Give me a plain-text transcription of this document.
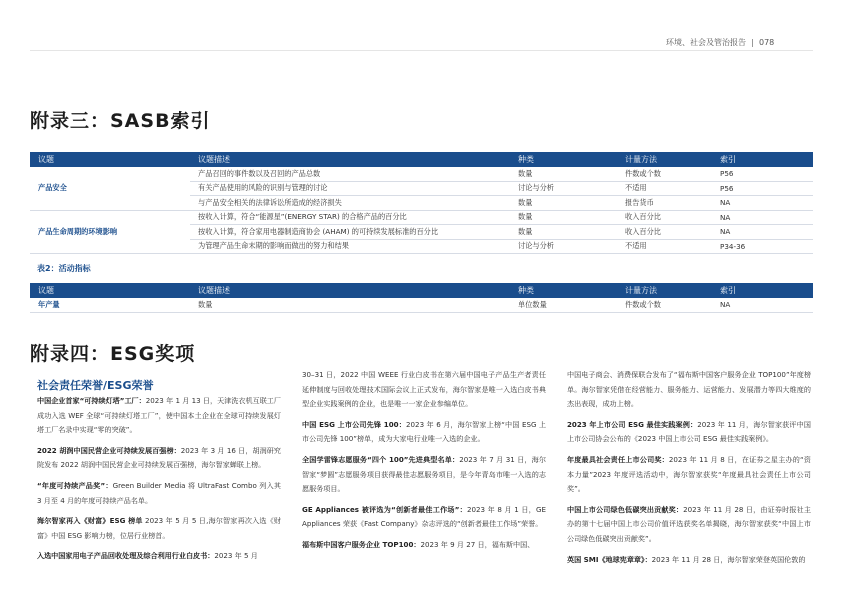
环境、社会及管治报告 078
附录三：SASB索引
议题	议题描述	种类	计量方法	索引
产品安全	产品召回的事件数以及召回的产品总数	数量	件数或个数	P56
	有关产品使用的风险的识别与管理的讨论	讨论与分析	不适用	P56
	与产品安全相关的法律诉讼所造成的经济损失	数量	报告货币	NA
产品生命周期的环境影响	按收入计算，符合“能源星”(ENERGY STAR) 的合格产品的百分比	数量	收入百分比	NA
	按收入计算，符合家用电器制造商协会 (AHAM) 的可持续发展标准的百分比	数量	收入百分比	NA
	为管理产品生命末期的影响而做出的努力和结果	讨论与分析	不适用	P34-36
表2：活动指标
议题	议题描述	种类	计量方法	索引
年产量	数量	单位数量	件数或个数	NA
附录四：ESG奖项
社会责任荣誉/ESG荣誉

中国企业首家“可持续灯塔”工厂：2023 年 1 月 13 日，天津洗衣机互联工厂成功入选 WEF 全球“可持续灯塔工厂”，使中国本土企业在全球可持续发展灯塔工厂名录中实现“零的突破”。

2022 胡润中国民营企业可持续发展百强榜：2023 年 3 月 16 日，胡润研究院发布 2022 胡润中国民营企业可持续发展百强榜，海尔智家蝉联上榜。

“年度可持续产品奖”：Green Builder Media 将 UltraFast Combo 列入其 3 月至 4 月的年度可持续产品名单。

海尔智家再入《财富》ESG 榜单 2023 年 5 月 5 日,海尔智家再次入选《财富》中国 ESG 影响力榜，位居行业榜首。

入选中国家用电子产品回收处理及综合利用行业白皮书：2023 年 5 月

30–31 日，2022 中国 WEEE 行业白皮书在第六届中国电子产品生产者责任延伸制度与回收处理技术国际会议上正式发布，海尔智家是唯一入选白皮书典型企业实践案例的企业，也是唯一一家企业参编单位。

中国 ESG 上市公司先锋 100：2023 年 6 月，海尔智家上榜“中国 ESG 上市公司先锋 100”榜单，成为大家电行业唯一入选的企业。

全国学雷锋志愿服务“四个 100”先进典型名单：2023 年 7 月 31 日，海尔智家“梦圆”志愿服务项目获得最佳志愿服务项目，是今年青岛市唯一入选的志愿服务项目。

GE Appliances 被评选为“创新者最佳工作场”：2023 年 8 月 1 日，GE Appliances 荣获《Fast Company》杂志评选的“创新者最佳工作场”荣誉。

福布斯中国客户服务企业 TOP100：2023 年 9 月 27 日，福布斯中国、

中国电子商会、消费保联合发布了“福布斯中国客户服务企业 TOP100”年度榜单。海尔智家凭借在经营能力、服务能力、运营能力、发展潜力等四大维度的杰出表现，成功上榜。

2023 年上市公司 ESG 最佳实践案例：2023 年 11 月，海尔智家获评中国上市公司协会公布的《2023 中国上市公司 ESG 最佳实践案例》。

年度最具社会责任上市公司奖：2023 年 11 月 8 日，在证券之星主办的“资本力量”2023 年度评选活动中，海尔智家获奖“年度最具社会责任上市公司奖”。

中国上市公司绿色低碳突出贡献奖：2023 年 11 月 28 日，由证券时报社主办的第十七届中国上市公司价值评选获奖名单揭晓，海尔智家获奖“中国上市公司绿色低碳突出贡献奖”。

英国 SMI《地球宪章章》：2023 年 11 月 28 日，海尔智家荣登英国伦敦的
